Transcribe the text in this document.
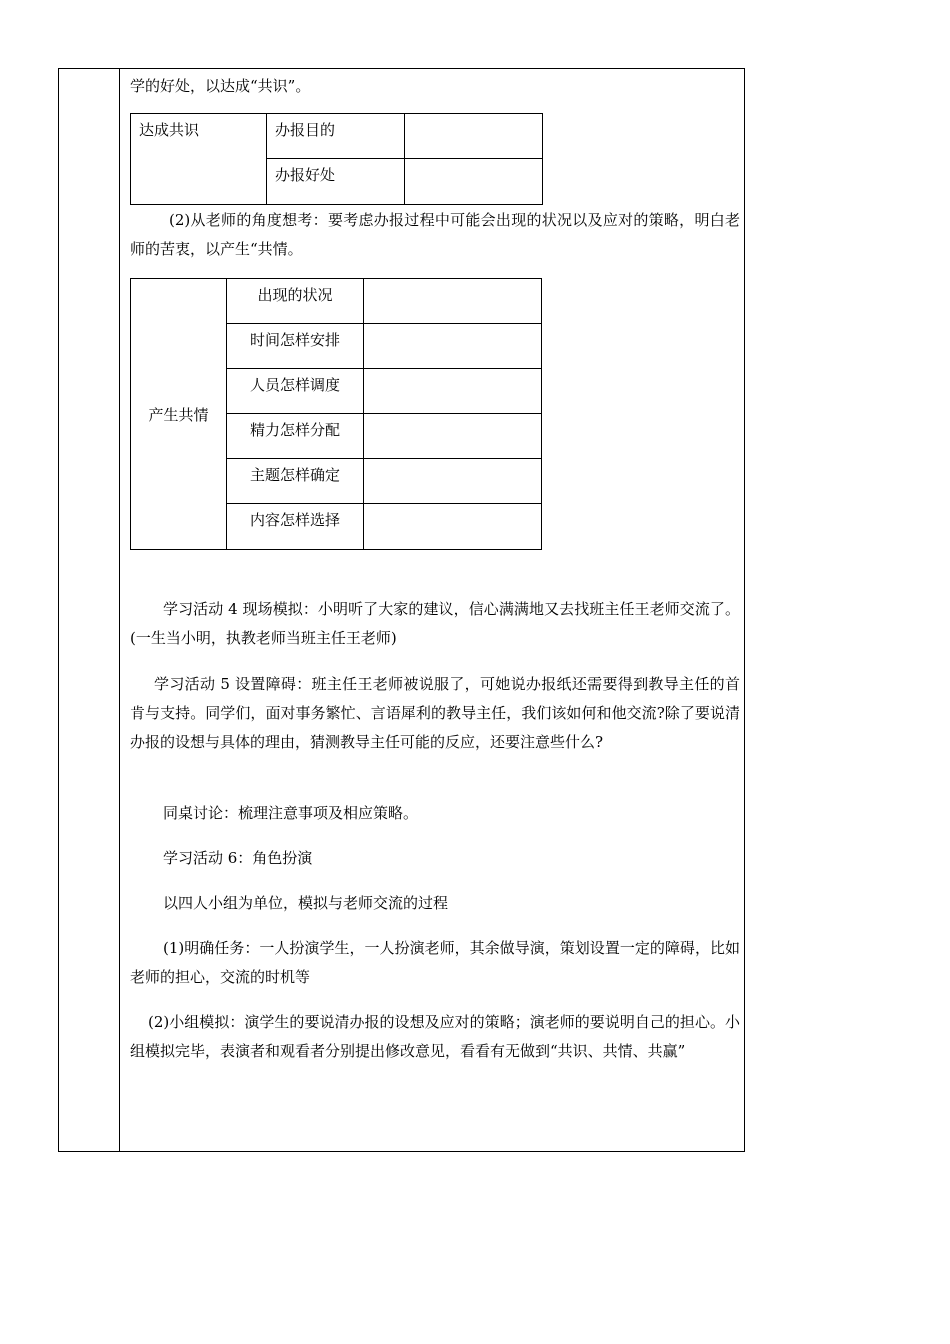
学的好处，以达成“共识”。
达成共识	办报目的	

	办报好处	

(2)从老师的角度想考：要考虑办报过程中可能会出现的状况以及应对的策略，明白老师的苦衷，以产生“共情。
产生共情	出现的状况	

	时间怎样安排	

	人员怎样调度	

	精力怎样分配	

	主题怎样确定	

	内容怎样选择	

学习活动 4 现场模拟：小明听了大家的建议，信心满满地又去找班主任王老师交流了。(一生当小明，执教老师当班主任王老师)
学习活动 5 设置障碍：班主任王老师被说服了，可她说办报纸还需要得到教导主任的首肯与支持。同学们，面对事务繁忙、言语犀利的教导主任，我们该如何和他交流?除了要说清办报的设想与具体的理由，猜测教导主任可能的反应，还要注意些什么?
同桌讨论：梳理注意事项及相应策略。
学习活动 6：角色扮演
以四人小组为单位，模拟与老师交流的过程
(1)明确任务：一人扮演学生，一人扮演老师，其余做导演，策划设置一定的障碍，比如老师的担心，交流的时机等
(2)小组模拟：演学生的要说清办报的设想及应对的策略；演老师的要说明自己的担心。小组模拟完毕，表演者和观看者分别提出修改意见，看看有无做到“共识、共情、共赢”
